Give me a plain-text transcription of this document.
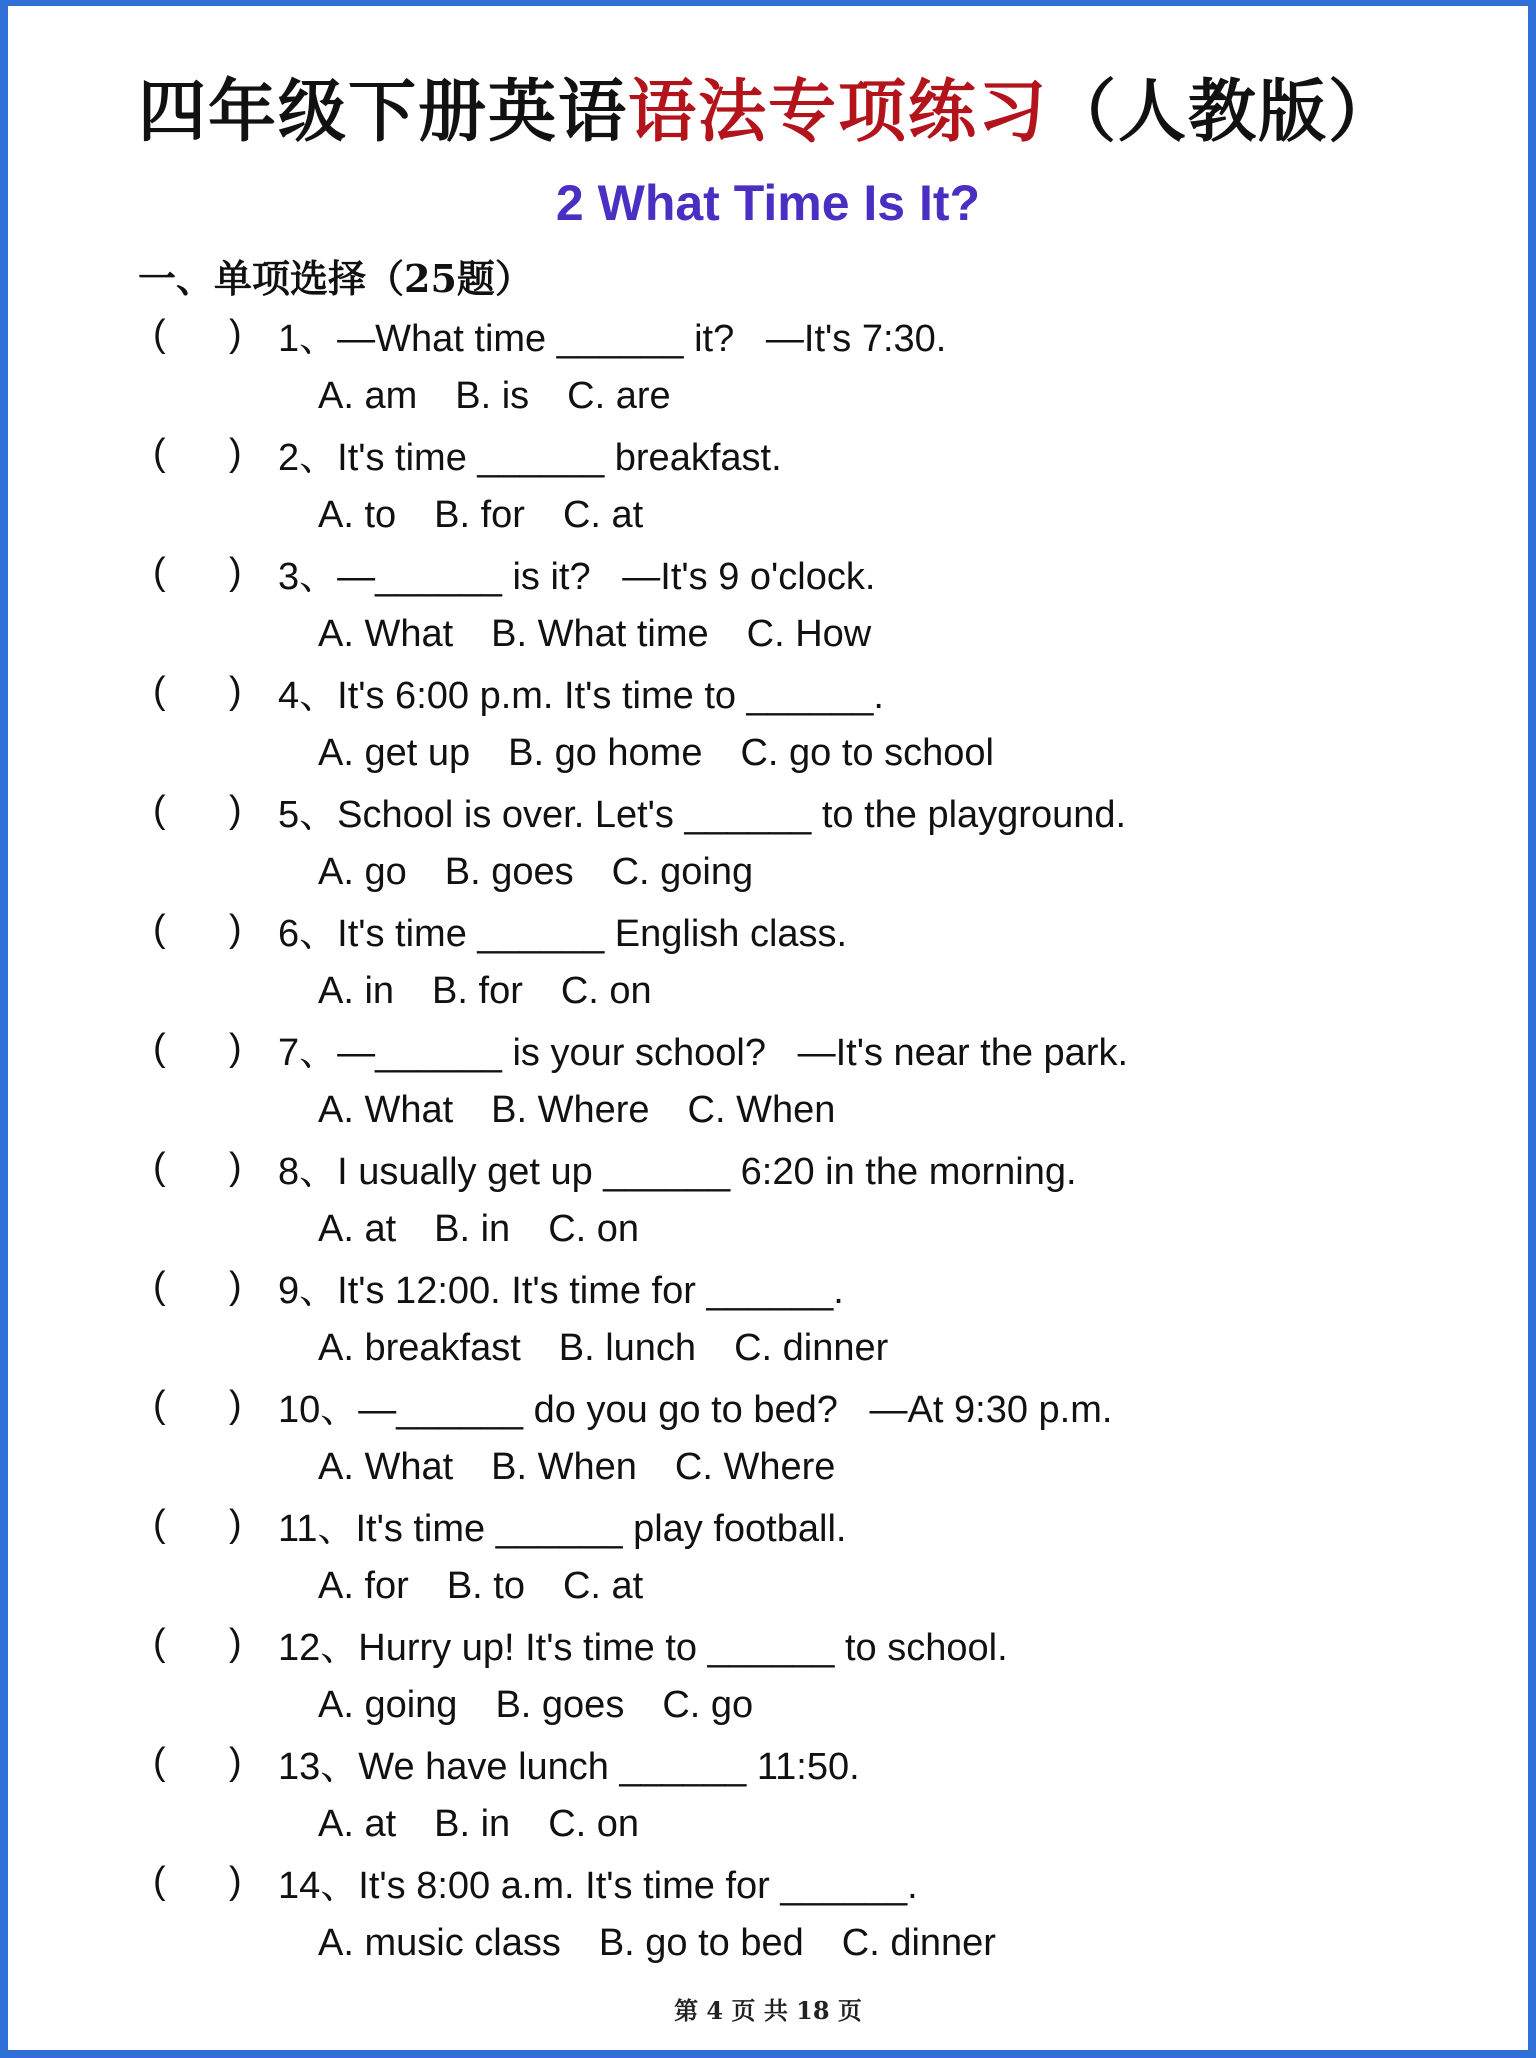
四年级下册英语语法专项练习（人教版）
2 What Time Is It?
一、单项选择（25题）
(      ) 1、—What time ______ it?   —It's 7:30.
A. am B. is C. are
(      ) 2、It's time ______ breakfast.
A. to B. for C. at
(      ) 3、—______ is it?   —It's 9 o'clock.
A. What B. What time C. How
(      ) 4、It's 6:00 p.m. It's time to ______.
A. get up B. go home C. go to school
(      ) 5、School is over. Let's ______ to the playground.
A. go B. goes C. going
(      ) 6、It's time ______ English class.
A. in B. for C. on
(      ) 7、—______ is your school?   —It's near the park.
A. What B. Where C. When
(      ) 8、I usually get up ______ 6:20 in the morning.
A. at B. in C. on
(      ) 9、It's 12:00. It's time for ______.
A. breakfast B. lunch C. dinner
(      ) 10、—______ do you go to bed?   —At 9:30 p.m.
A. What B. When C. Where
(      ) 11、It's time ______ play football.
A. for B. to C. at
(      ) 12、Hurry up! It's time to ______ to school.
A. going B. goes C. go
(      ) 13、We have lunch ______ 11:50.
A. at B. in C. on
(      ) 14、It's 8:00 a.m. It's time for ______.
A. music class B. go to bed C. dinner
第 4 页 共 18 页
